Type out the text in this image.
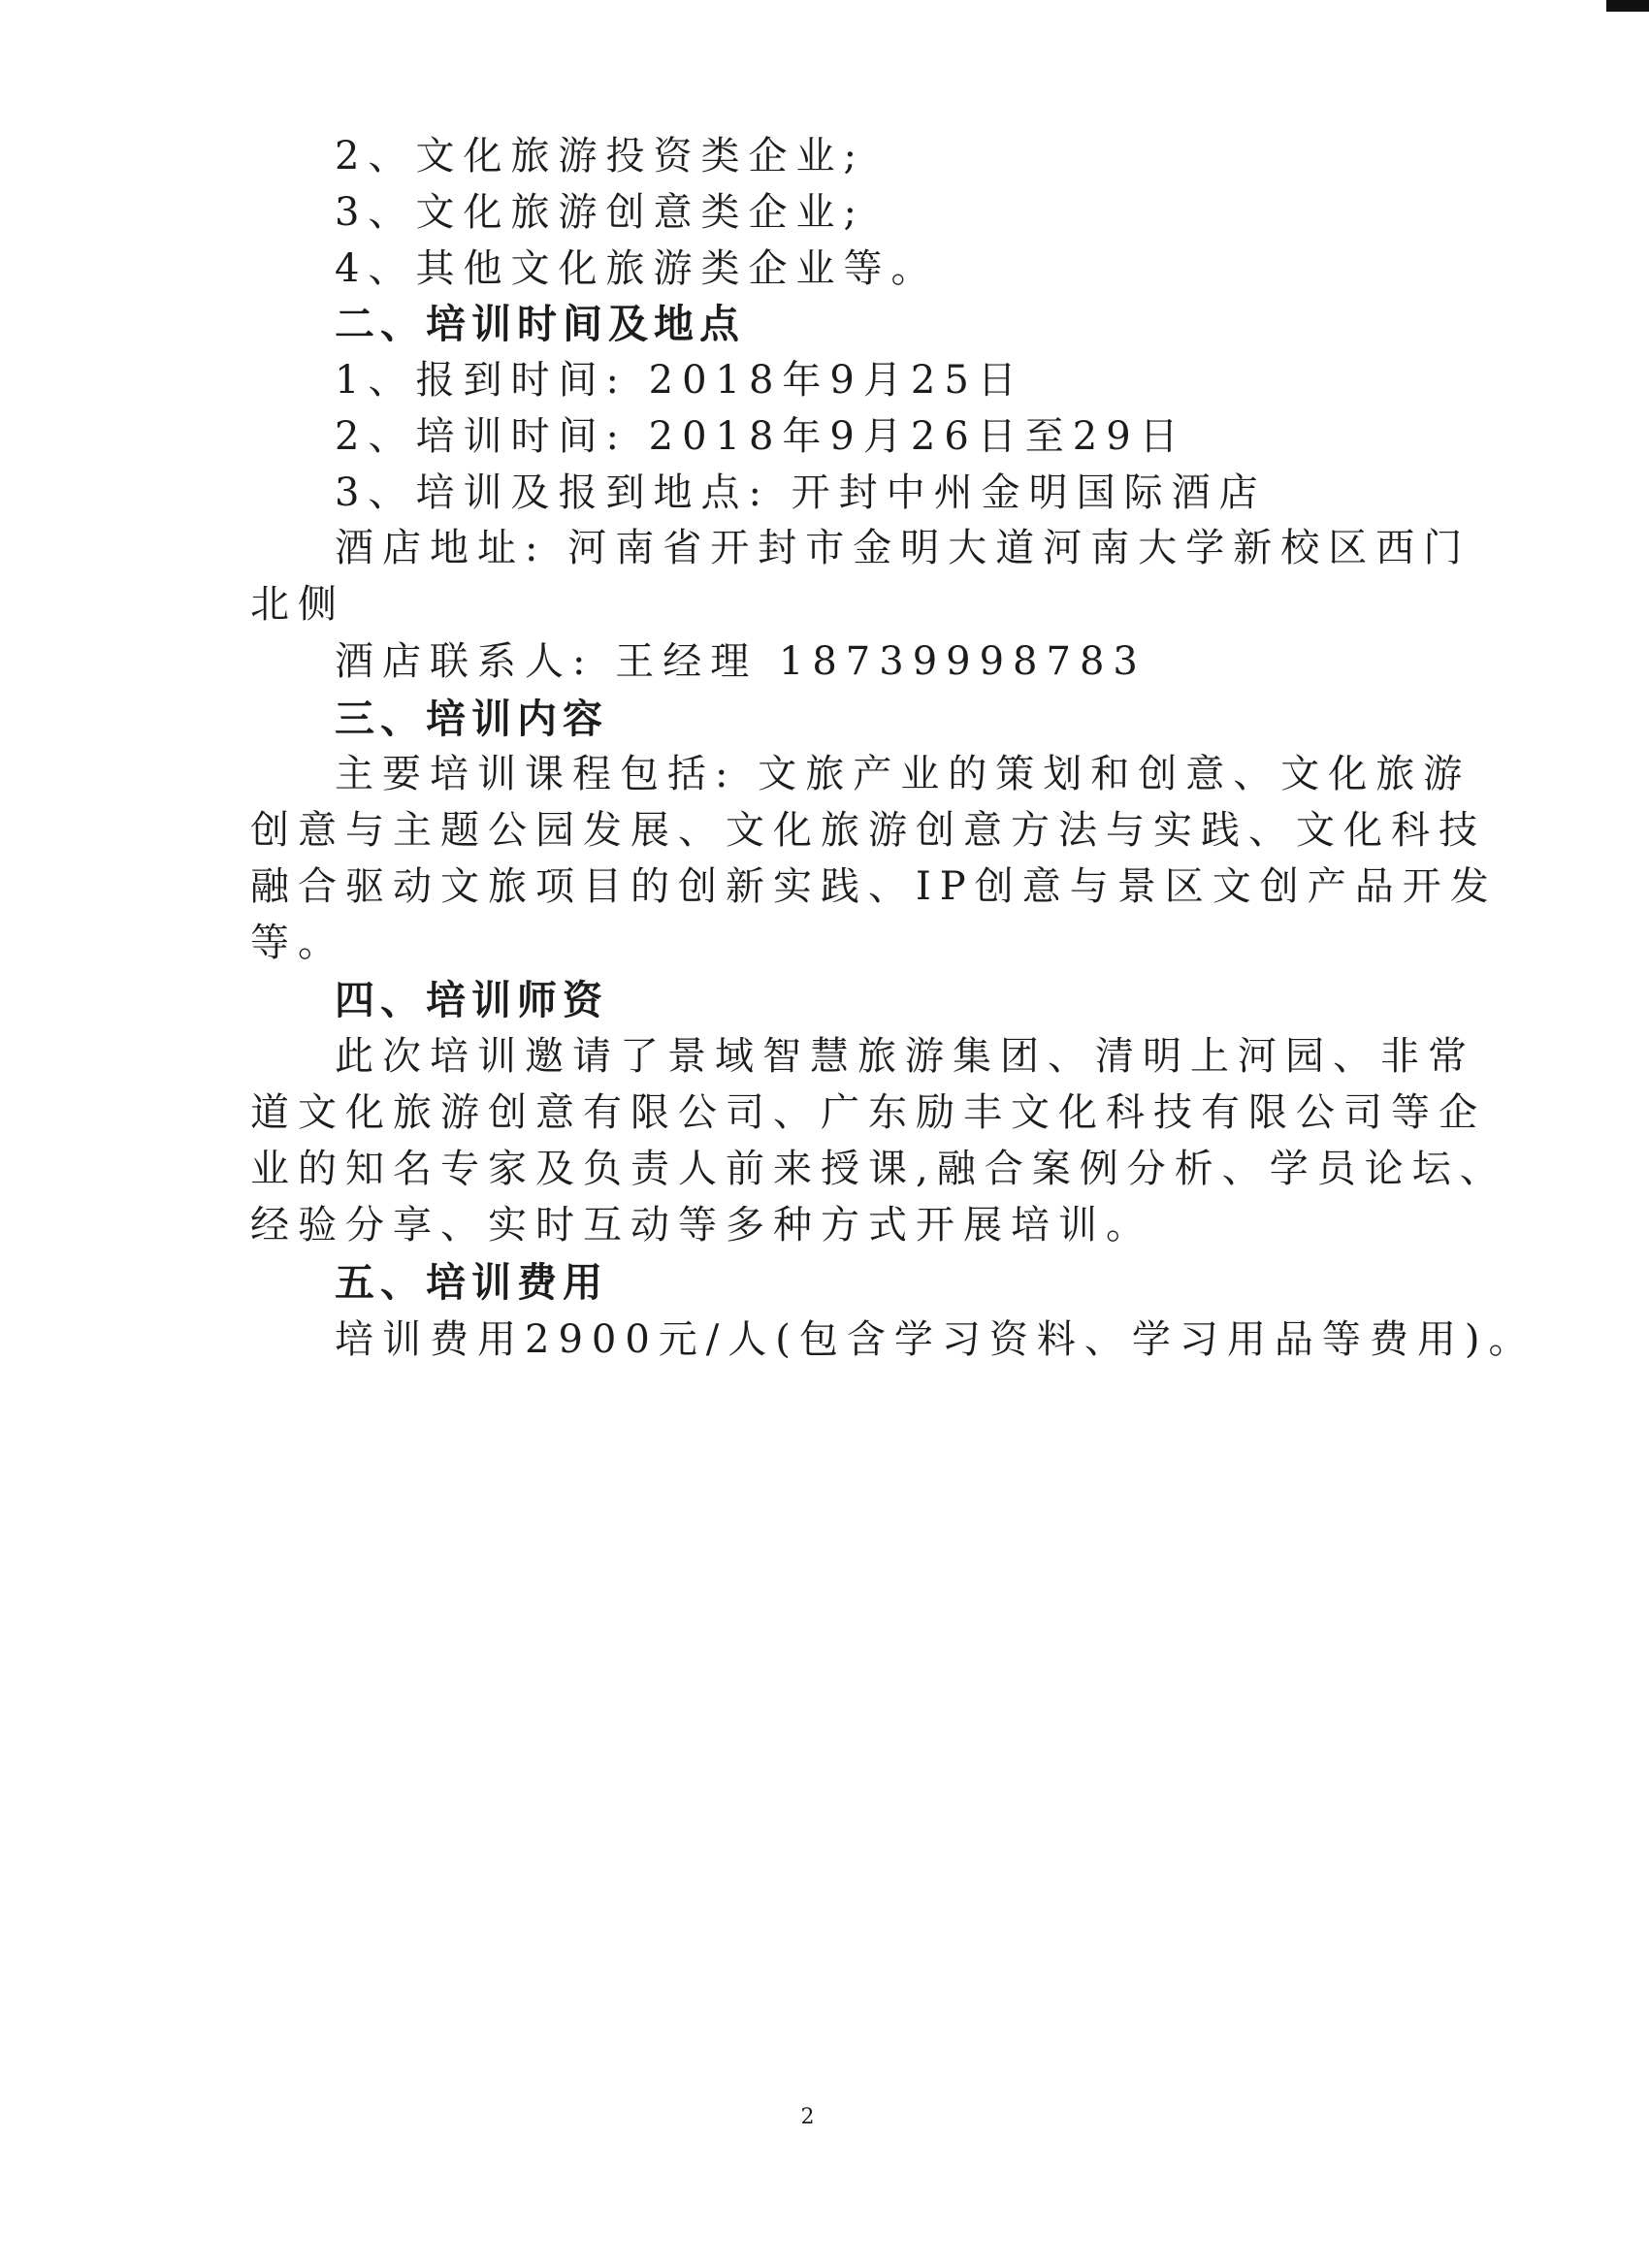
2、文化旅游投资类企业;
3、文化旅游创意类企业;
4、其他文化旅游类企业等。
二、培训时间及地点
1、报到时间: 2018年9月25日
2、培训时间: 2018年9月26日至29日
3、培训及报到地点: 开封中州金明国际酒店
酒店地址: 河南省开封市金明大道河南大学新校区西门
北侧
酒店联系人: 王经理 18739998783
三、培训内容
主要培训课程包括: 文旅产业的策划和创意、文化旅游
创意与主题公园发展、文化旅游创意方法与实践、文化科技
融合驱动文旅项目的创新实践、IP创意与景区文创产品开发
等。
四、培训师资
此次培训邀请了景域智慧旅游集团、清明上河园、非常
道文化旅游创意有限公司、广东励丰文化科技有限公司等企
业的知名专家及负责人前来授课,融合案例分析、学员论坛、
经验分享、实时互动等多种方式开展培训。
五、培训费用
培训费用2900元/人(包含学习资料、学习用品等费用)。
2
